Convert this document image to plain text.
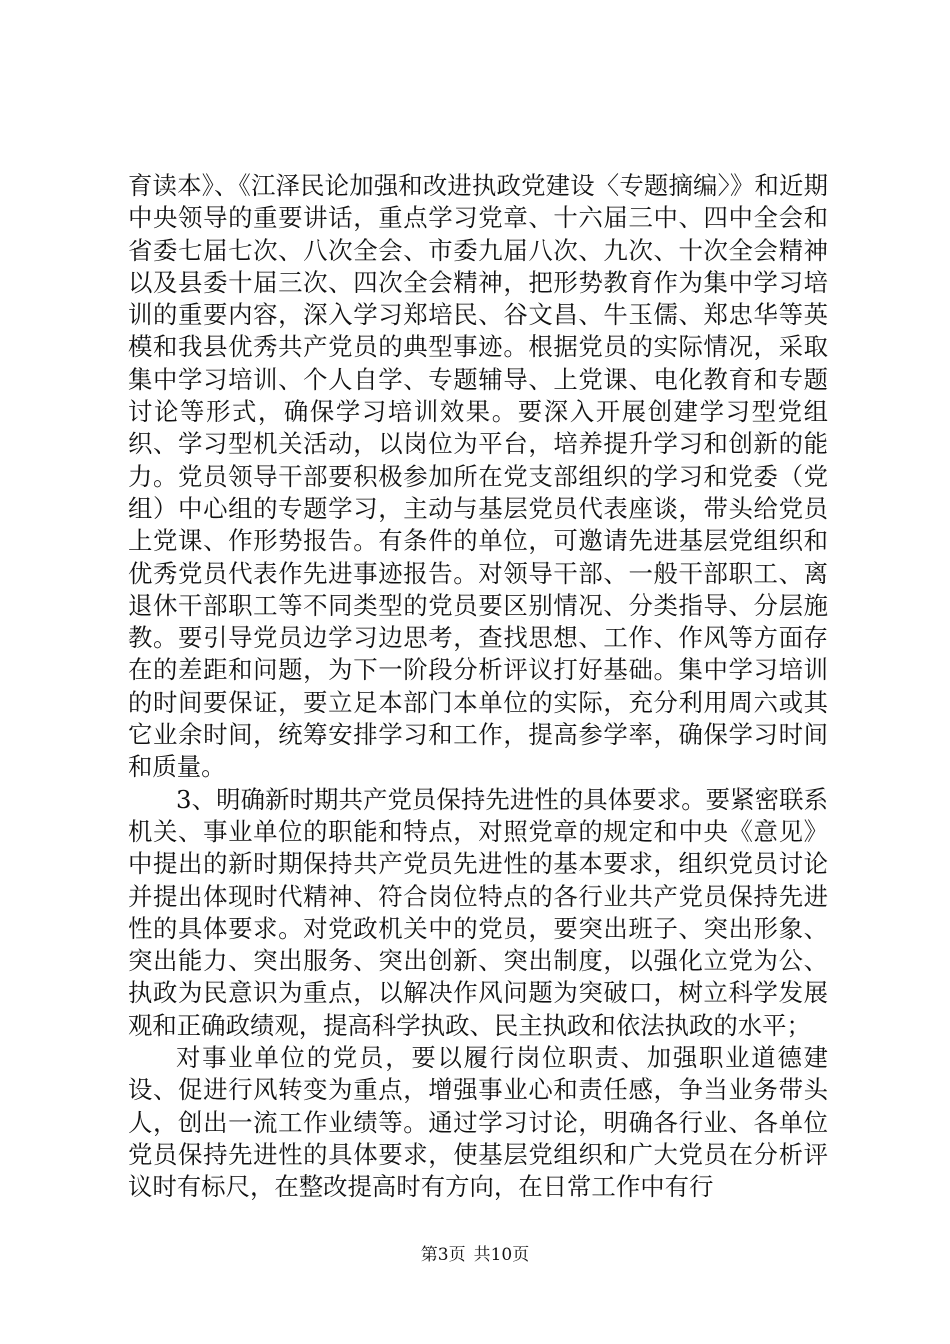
育读本》、《江泽民论加强和改进执政党建设〈专题摘编〉》和近期中央领导的重要讲话，重点学习党章、十六届三中、四中全会和省委七届七次、八次全会、市委九届八次、九次、十次全会精神以及县委十届三次、四次全会精神，把形势教育作为集中学习培训的重要内容，深入学习郑培民、谷文昌、牛玉儒、郑忠华等英模和我县优秀共产党员的典型事迹。根据党员的实际情况，采取集中学习培训、个人自学、专题辅导、上党课、电化教育和专题讨论等形式，确保学习培训效果。要深入开展创建学习型党组织、学习型机关活动，以岗位为平台，培养提升学习和创新的能力。党员领导干部要积极参加所在党支部组织的学习和党委（党组）中心组的专题学习，主动与基层党员代表座谈，带头给党员上党课、作形势报告。有条件的单位，可邀请先进基层党组织和优秀党员代表作先进事迹报告。对领导干部、一般干部职工、离退休干部职工等不同类型的党员要区别情况、分类指导、分层施教。要引导党员边学习边思考，查找思想、工作、作风等方面存在的差距和问题，为下一阶段分析评议打好基础。集中学习培训的时间要保证，要立足本部门本单位的实际，充分利用周六或其它业余时间，统筹安排学习和工作，提高参学率，确保学习时间和质量。

3、明确新时期共产党员保持先进性的具体要求。要紧密联系机关、事业单位的职能和特点，对照党章的规定和中央《意见》中提出的新时期保持共产党员先进性的基本要求，组织党员讨论并提出体现时代精神、符合岗位特点的各行业共产党员保持先进性的具体要求。对党政机关中的党员，要突出班子、突出形象、突出能力、突出服务、突出创新、突出制度，以强化立党为公、执政为民意识为重点，以解决作风问题为突破口，树立科学发展观和正确政绩观，提高科学执政、民主执政和依法执政的水平；

对事业单位的党员，要以履行岗位职责、加强职业道德建设、促进行风转变为重点，增强事业心和责任感，争当业务带头人，创出一流工作业绩等。通过学习讨论，明确各行业、各单位党员保持先进性的具体要求，使基层党组织和广大党员在分析评议时有标尺，在整改提高时有方向，在日常工作中有行

第3页 共10页
